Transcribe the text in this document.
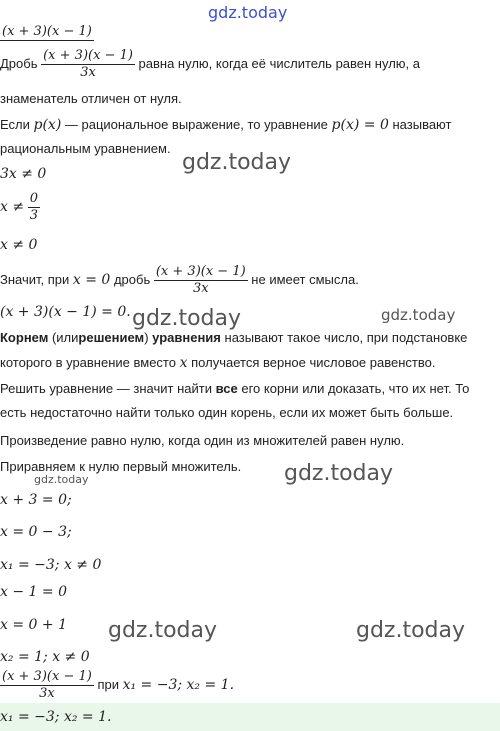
gdz.today
gdz.today
gdz.today	gdz.today
gdz.today
gdz.today
gdz.today	gdz.today
(x + 3)(x − 1)
Дробь $\frac{(x + 3)(x - 1)}{3x}$ равна нулю, когда её числитель равен нулю, а
знаменатель отличен от нуля.
Если p(x) — рациональное выражение, то уравнение p(x) = 0 называют
рациональным уравнением.
3x ≠ 0
$x \ne \frac{0}{3}$
x ≠ 0
Значит, при x = 0 дробь $\frac{(x + 3)(x - 1)}{3x}$ не имеет смысла.
(x + 3)(x − 1) = 0.
Корнем (илирешением) уравнения называют такое число, при подстановке
которого в уравнение вместо x получается верное числовое равенство.
Решить уравнение — значит найти все его корни или доказать, что их нет. То
есть недостаточно найти только один корень, если их может быть больше.
Произведение равно нулю, когда один из множителей равен нулю.
Приравняем к нулю первый множитель.
x + 3 = 0;
x = 0 − 3;
x₁ = −3; x ≠ 0
x − 1 = 0
x = 0 + 1
x₂ = 1; x ≠ 0
$\frac{(x + 3)(x - 1)}{3x}$ при x₁ = −3; x₂ = 1.
x₁ = −3; x₂ = 1.
